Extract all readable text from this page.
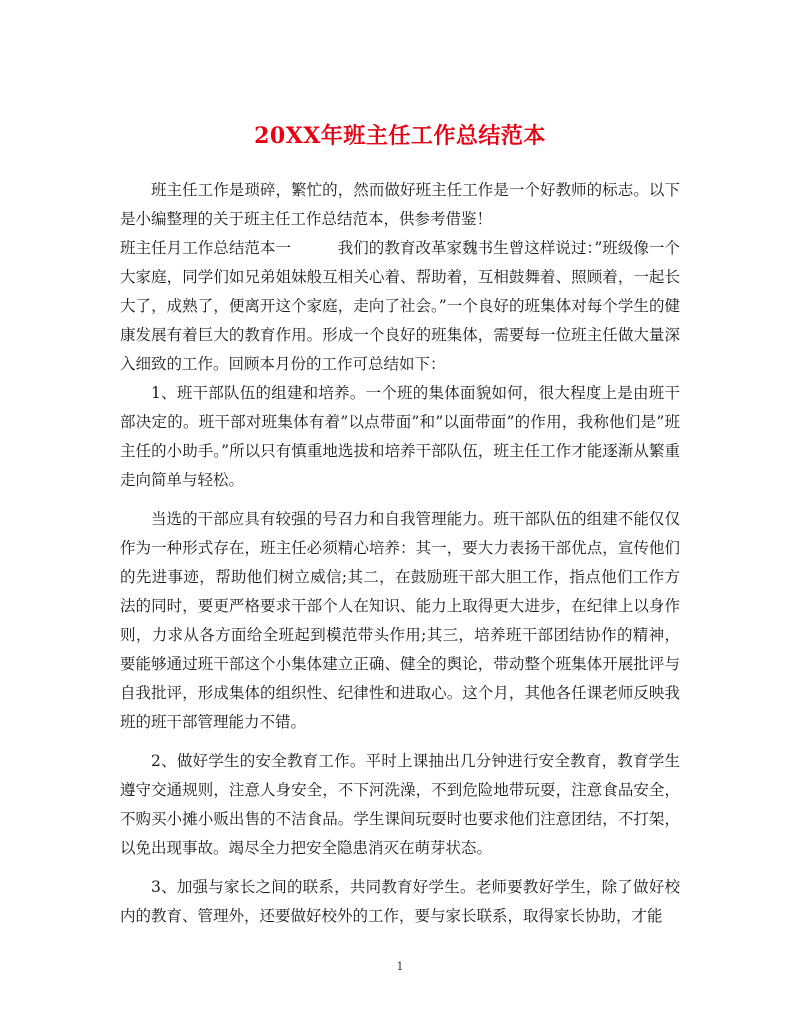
20XX年班主任工作总结范本

班主任工作是琐碎，繁忙的，然而做好班主任工作是一个好教师的标志。以下是小编整理的关于班主任工作总结范本，供参考借鉴！

班主任月工作总结范本一　　　我们的教育改革家魏书生曾这样说过：”班级像一个大家庭，同学们如兄弟姐妹般互相关心着、帮助着，互相鼓舞着、照顾着，一起长大了，成熟了，便离开这个家庭，走向了社会。”一个良好的班集体对每个学生的健康发展有着巨大的教育作用。形成一个良好的班集体，需要每一位班主任做大量深入细致的工作。回顾本月份的工作可总结如下：

1、班干部队伍的组建和培养。一个班的集体面貌如何，很大程度上是由班干部决定的。班干部对班集体有着”以点带面”和”以面带面”的作用，我称他们是”班主任的小助手。”所以只有慎重地选拔和培养干部队伍，班主任工作才能逐渐从繁重走向简单与轻松。

当选的干部应具有较强的号召力和自我管理能力。班干部队伍的组建不能仅仅作为一种形式存在，班主任必须精心培养：其一，要大力表扬干部优点，宣传他们的先进事迹，帮助他们树立威信;其二，在鼓励班干部大胆工作，指点他们工作方法的同时，要更严格要求干部个人在知识、能力上取得更大进步，在纪律上以身作则，力求从各方面给全班起到模范带头作用;其三，培养班干部团结协作的精神，要能够通过班干部这个小集体建立正确、健全的舆论，带动整个班集体开展批评与自我批评，形成集体的组织性、纪律性和进取心。这个月，其他各任课老师反映我班的班干部管理能力不错。

2、做好学生的安全教育工作。平时上课抽出几分钟进行安全教育，教育学生遵守交通规则，注意人身安全，不下河洗澡，不到危险地带玩耍，注意食品安全，不购买小摊小贩出售的不洁食品。学生课间玩耍时也要求他们注意团结，不打架，以免出现事故。竭尽全力把安全隐患消灭在萌芽状态。

3、加强与家长之间的联系，共同教育好学生。老师要教好学生，除了做好校内的教育、管理外，还要做好校外的工作，要与家长联系，取得家长协助，才能

1
